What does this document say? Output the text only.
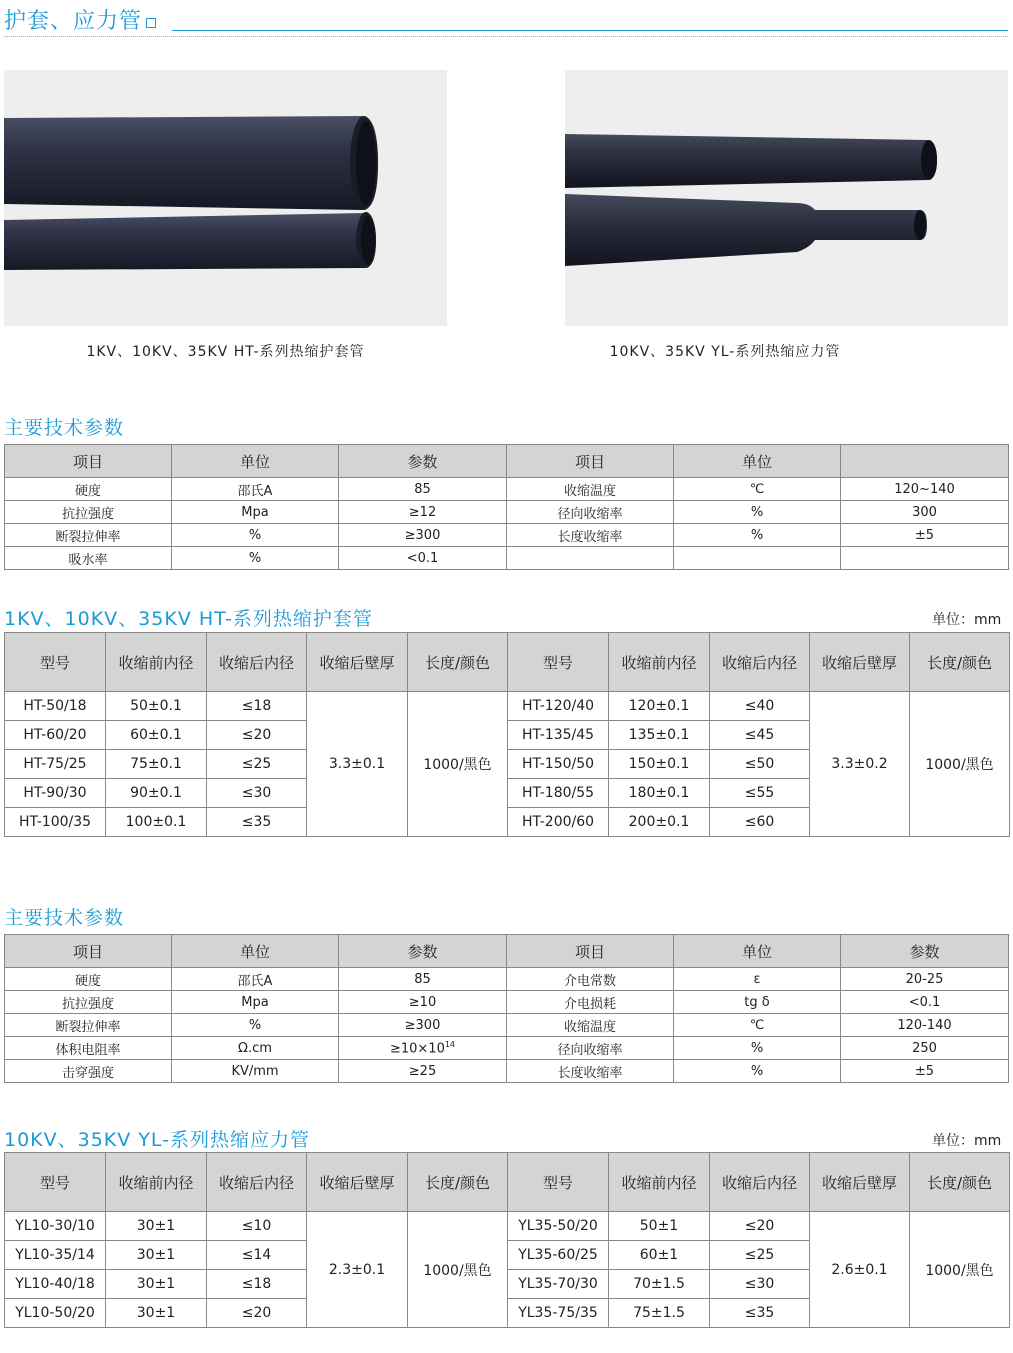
护套、应力管
1KV、10KV、35KV HT-系列热缩护套管	10KV、35KV YL-系列热缩应力管
主要技术参数
项目	单位	参数	项目	单位	
硬度	邵氏A	85	收缩温度	℃	120~140
抗拉强度	Mpa	≥12	径向收缩率	%	300
断裂拉伸率	%	≥300	长度收缩率	%	±5
吸水率	%	<0.1			
1KV、10KV、35KV HT-系列热缩护套管	单位：mm
型号	收缩前内径	收缩后内径	收缩后壁厚	长度/颜色	型号	收缩前内径	收缩后内径	收缩后壁厚	长度/颜色
HT-50/18	50±0.1	≤18	3.3±0.1	1000/黑色	HT-120/40	120±0.1	≤40	3.3±0.2	1000/黑色
HT-60/20	60±0.1	≤20			HT-135/45	135±0.1	≤45		
HT-75/25	75±0.1	≤25			HT-150/50	150±0.1	≤50		
HT-90/30	90±0.1	≤30			HT-180/55	180±0.1	≤55		
HT-100/35	100±0.1	≤35			HT-200/60	200±0.1	≤60		
主要技术参数
项目	单位	参数	项目	单位	参数
硬度	邵氏A	85	介电常数	ε	20-25
抗拉强度	Mpa	≥10	介电损耗	tg δ	<0.1
断裂拉伸率	%	≥300	收缩温度	℃	120-140
体积电阻率	Ω.cm	$\ge 10\times 10^{14}$	径向收缩率	%	250
击穿强度	KV/mm	≥25	长度收缩率	%	±5
10KV、35KV YL-系列热缩应力管	单位：mm
型号	收缩前内径	收缩后内径	收缩后壁厚	长度/颜色	型号	收缩前内径	收缩后内径	收缩后壁厚	长度/颜色
YL10-30/10	30±1	≤10	2.3±0.1	1000/黑色	YL35-50/20	50±1	≤20	2.6±0.1	1000/黑色
YL10-35/14	30±1	≤14			YL35-60/25	60±1	≤25		
YL10-40/18	30±1	≤18			YL35-70/30	70±1.5	≤30		
YL10-50/20	30±1	≤20			YL35-75/35	75±1.5	≤35		
